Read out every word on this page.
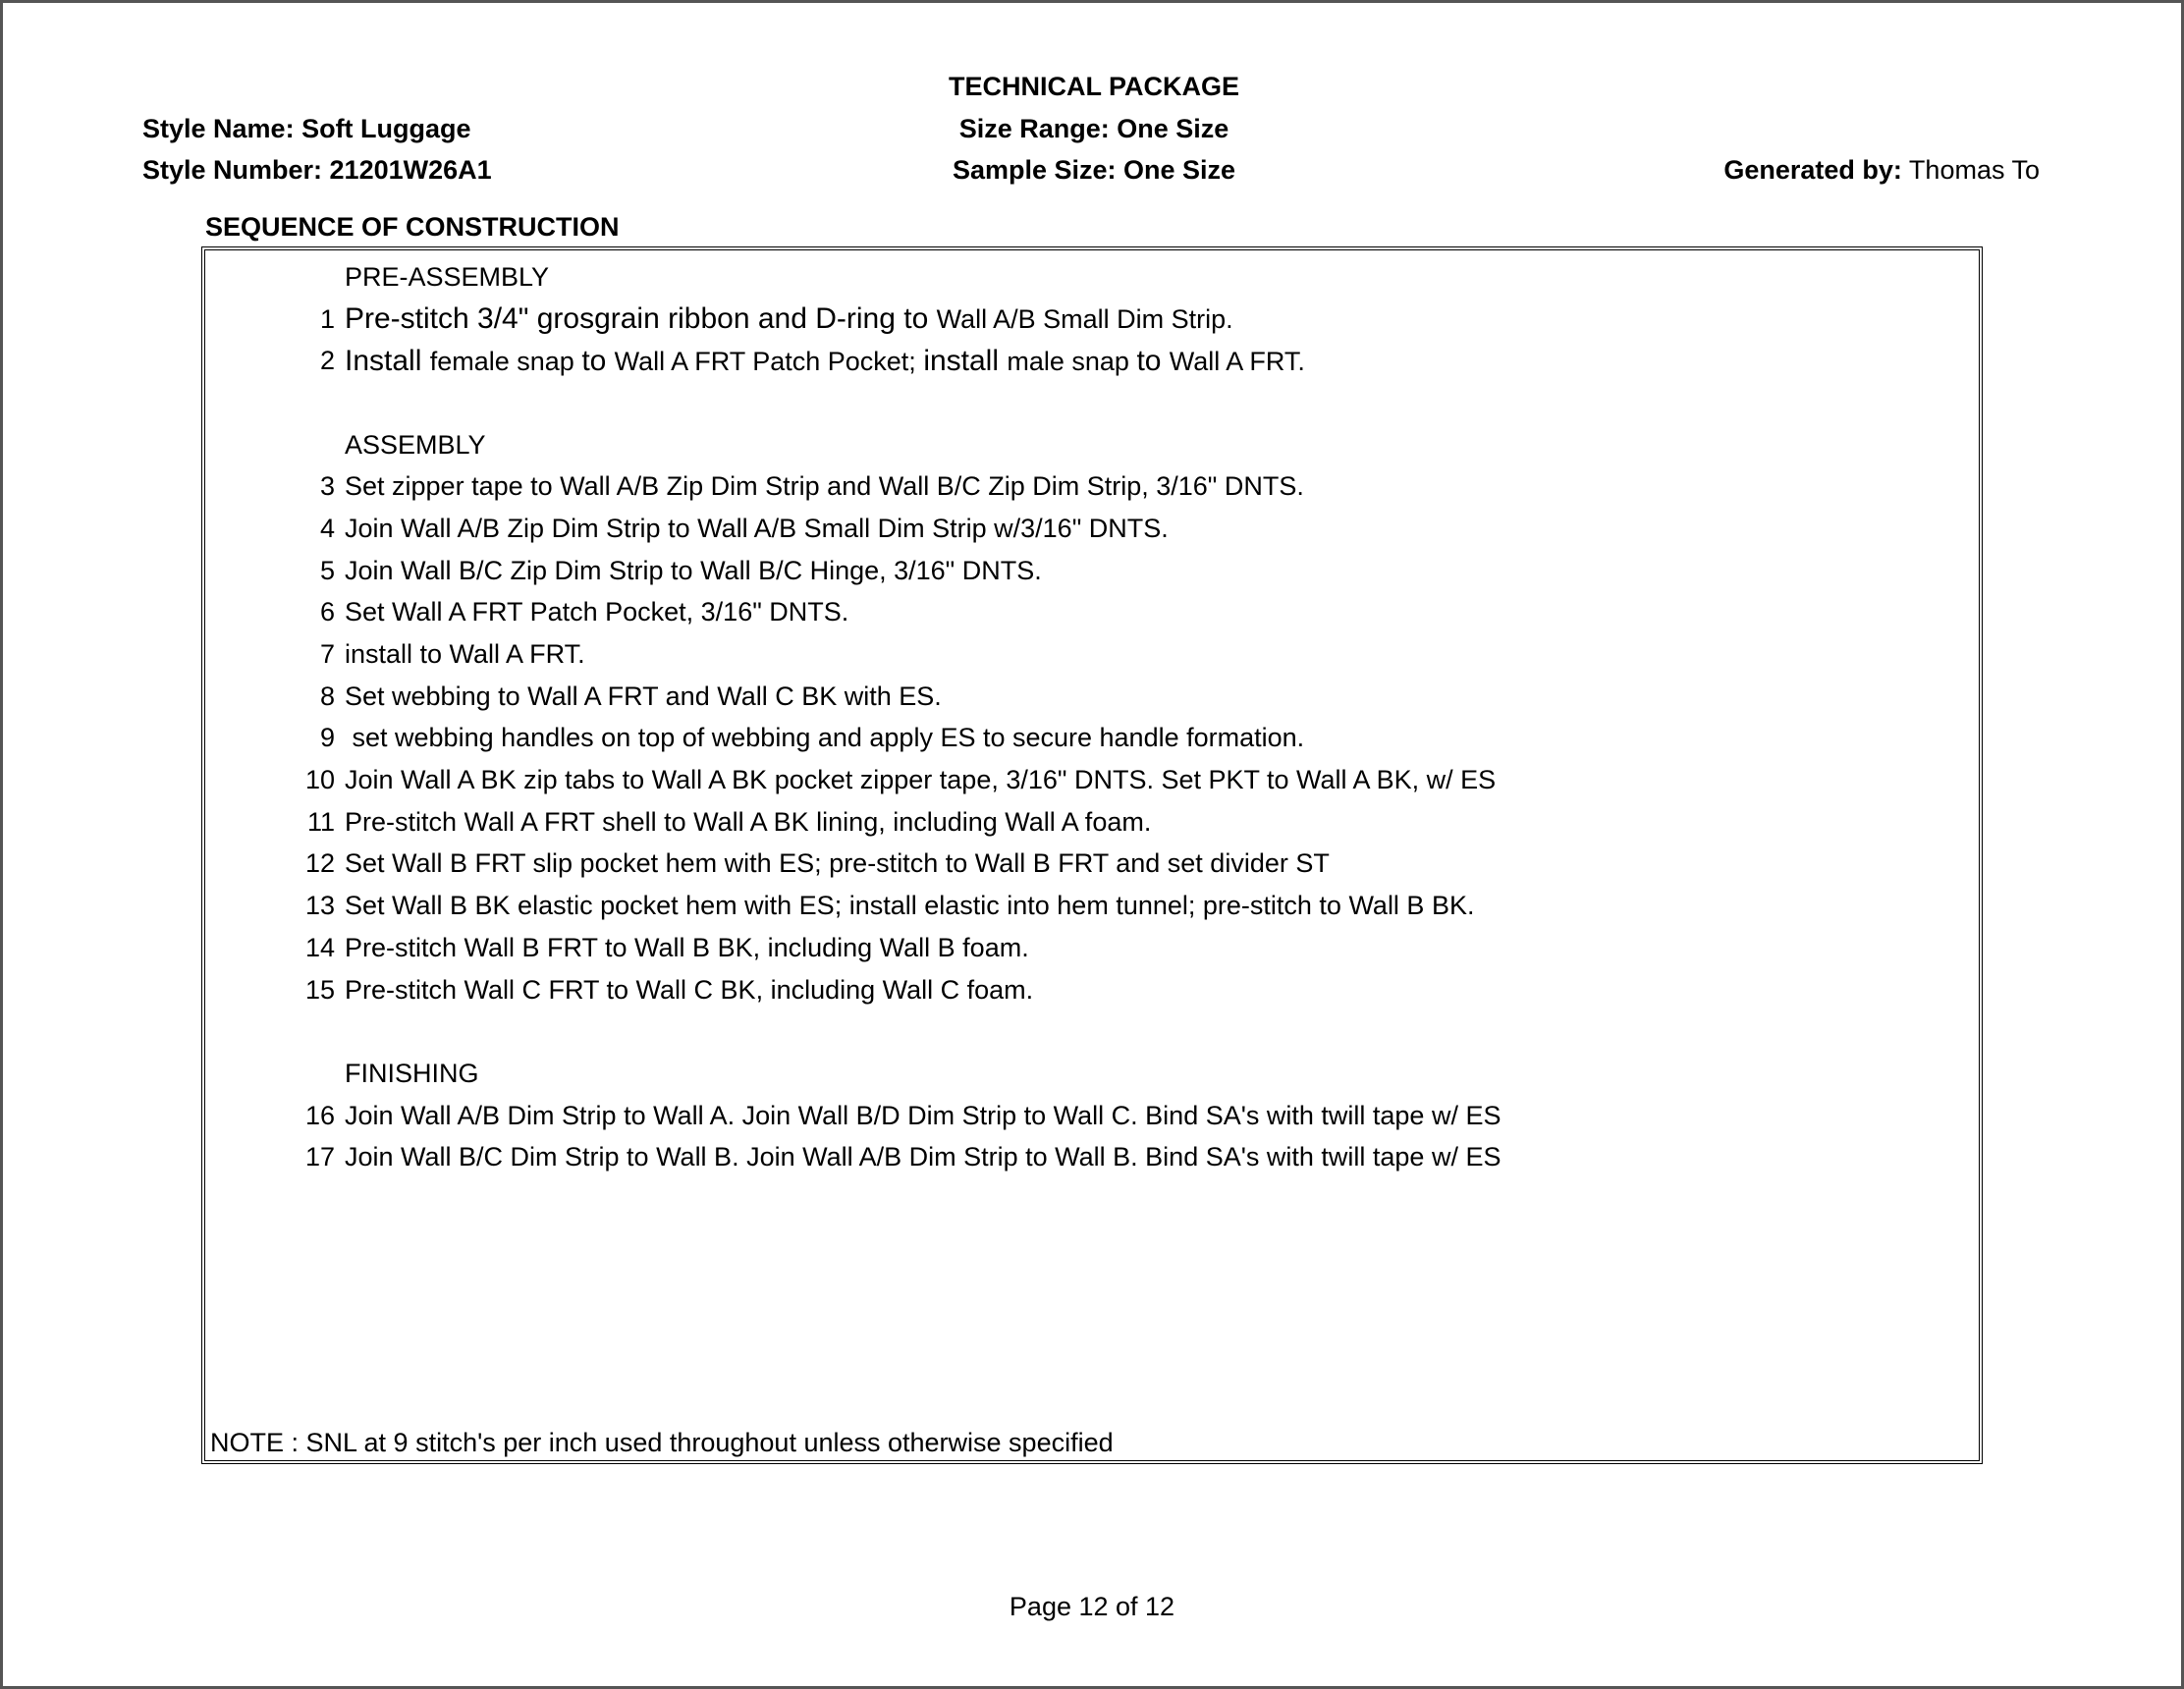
TECHNICAL PACKAGE
Size Range: One Size
Sample Size: One Size
Style Name: Soft Luggage
Style Number: 21201W26A1	Generated by: Thomas To
SEQUENCE OF CONSTRUCTION
PRE-ASSEMBLY
1 Pre-stitch 3/4" grosgrain ribbon and D-ring to Wall A/B Small Dim Strip.
2 Install female snap to Wall A FRT Patch Pocket; install male snap to Wall A FRT.
ASSEMBLY
3 Set zipper tape to Wall A/B Zip Dim Strip and Wall B/C Zip Dim Strip, 3/16" DNTS.
4 Join Wall A/B Zip Dim Strip to Wall A/B Small Dim Strip w/3/16" DNTS.
5 Join Wall B/C Zip Dim Strip to Wall B/C Hinge, 3/16" DNTS.
6 Set Wall A FRT Patch Pocket, 3/16" DNTS.
7 install to Wall A FRT.
8 Set webbing to Wall A FRT and Wall C BK with ES.
9 set webbing handles on top of webbing and apply ES to secure handle formation.
10 Join Wall A BK zip tabs to Wall A BK pocket zipper tape, 3/16" DNTS. Set PKT to Wall A BK, w/ ES
11 Pre-stitch Wall A FRT shell to Wall A BK lining, including Wall A foam.
12 Set Wall B FRT slip pocket hem with ES; pre-stitch to Wall B FRT and set divider ST
13 Set Wall B BK elastic pocket hem with ES; install elastic into hem tunnel; pre-stitch to Wall B BK.
14 Pre-stitch Wall B FRT to Wall B BK, including Wall B foam.
15 Pre-stitch Wall C FRT to Wall C BK, including Wall C foam.
FINISHING
16 Join Wall A/B Dim Strip to Wall A. Join Wall B/D Dim Strip to Wall C. Bind SA's with twill tape w/ ES
17 Join Wall B/C Dim Strip to Wall B. Join Wall A/B Dim Strip to Wall B. Bind SA's with twill tape w/ ES
NOTE : SNL at 9 stitch's per inch used throughout unless otherwise specified
Page 12 of 12
